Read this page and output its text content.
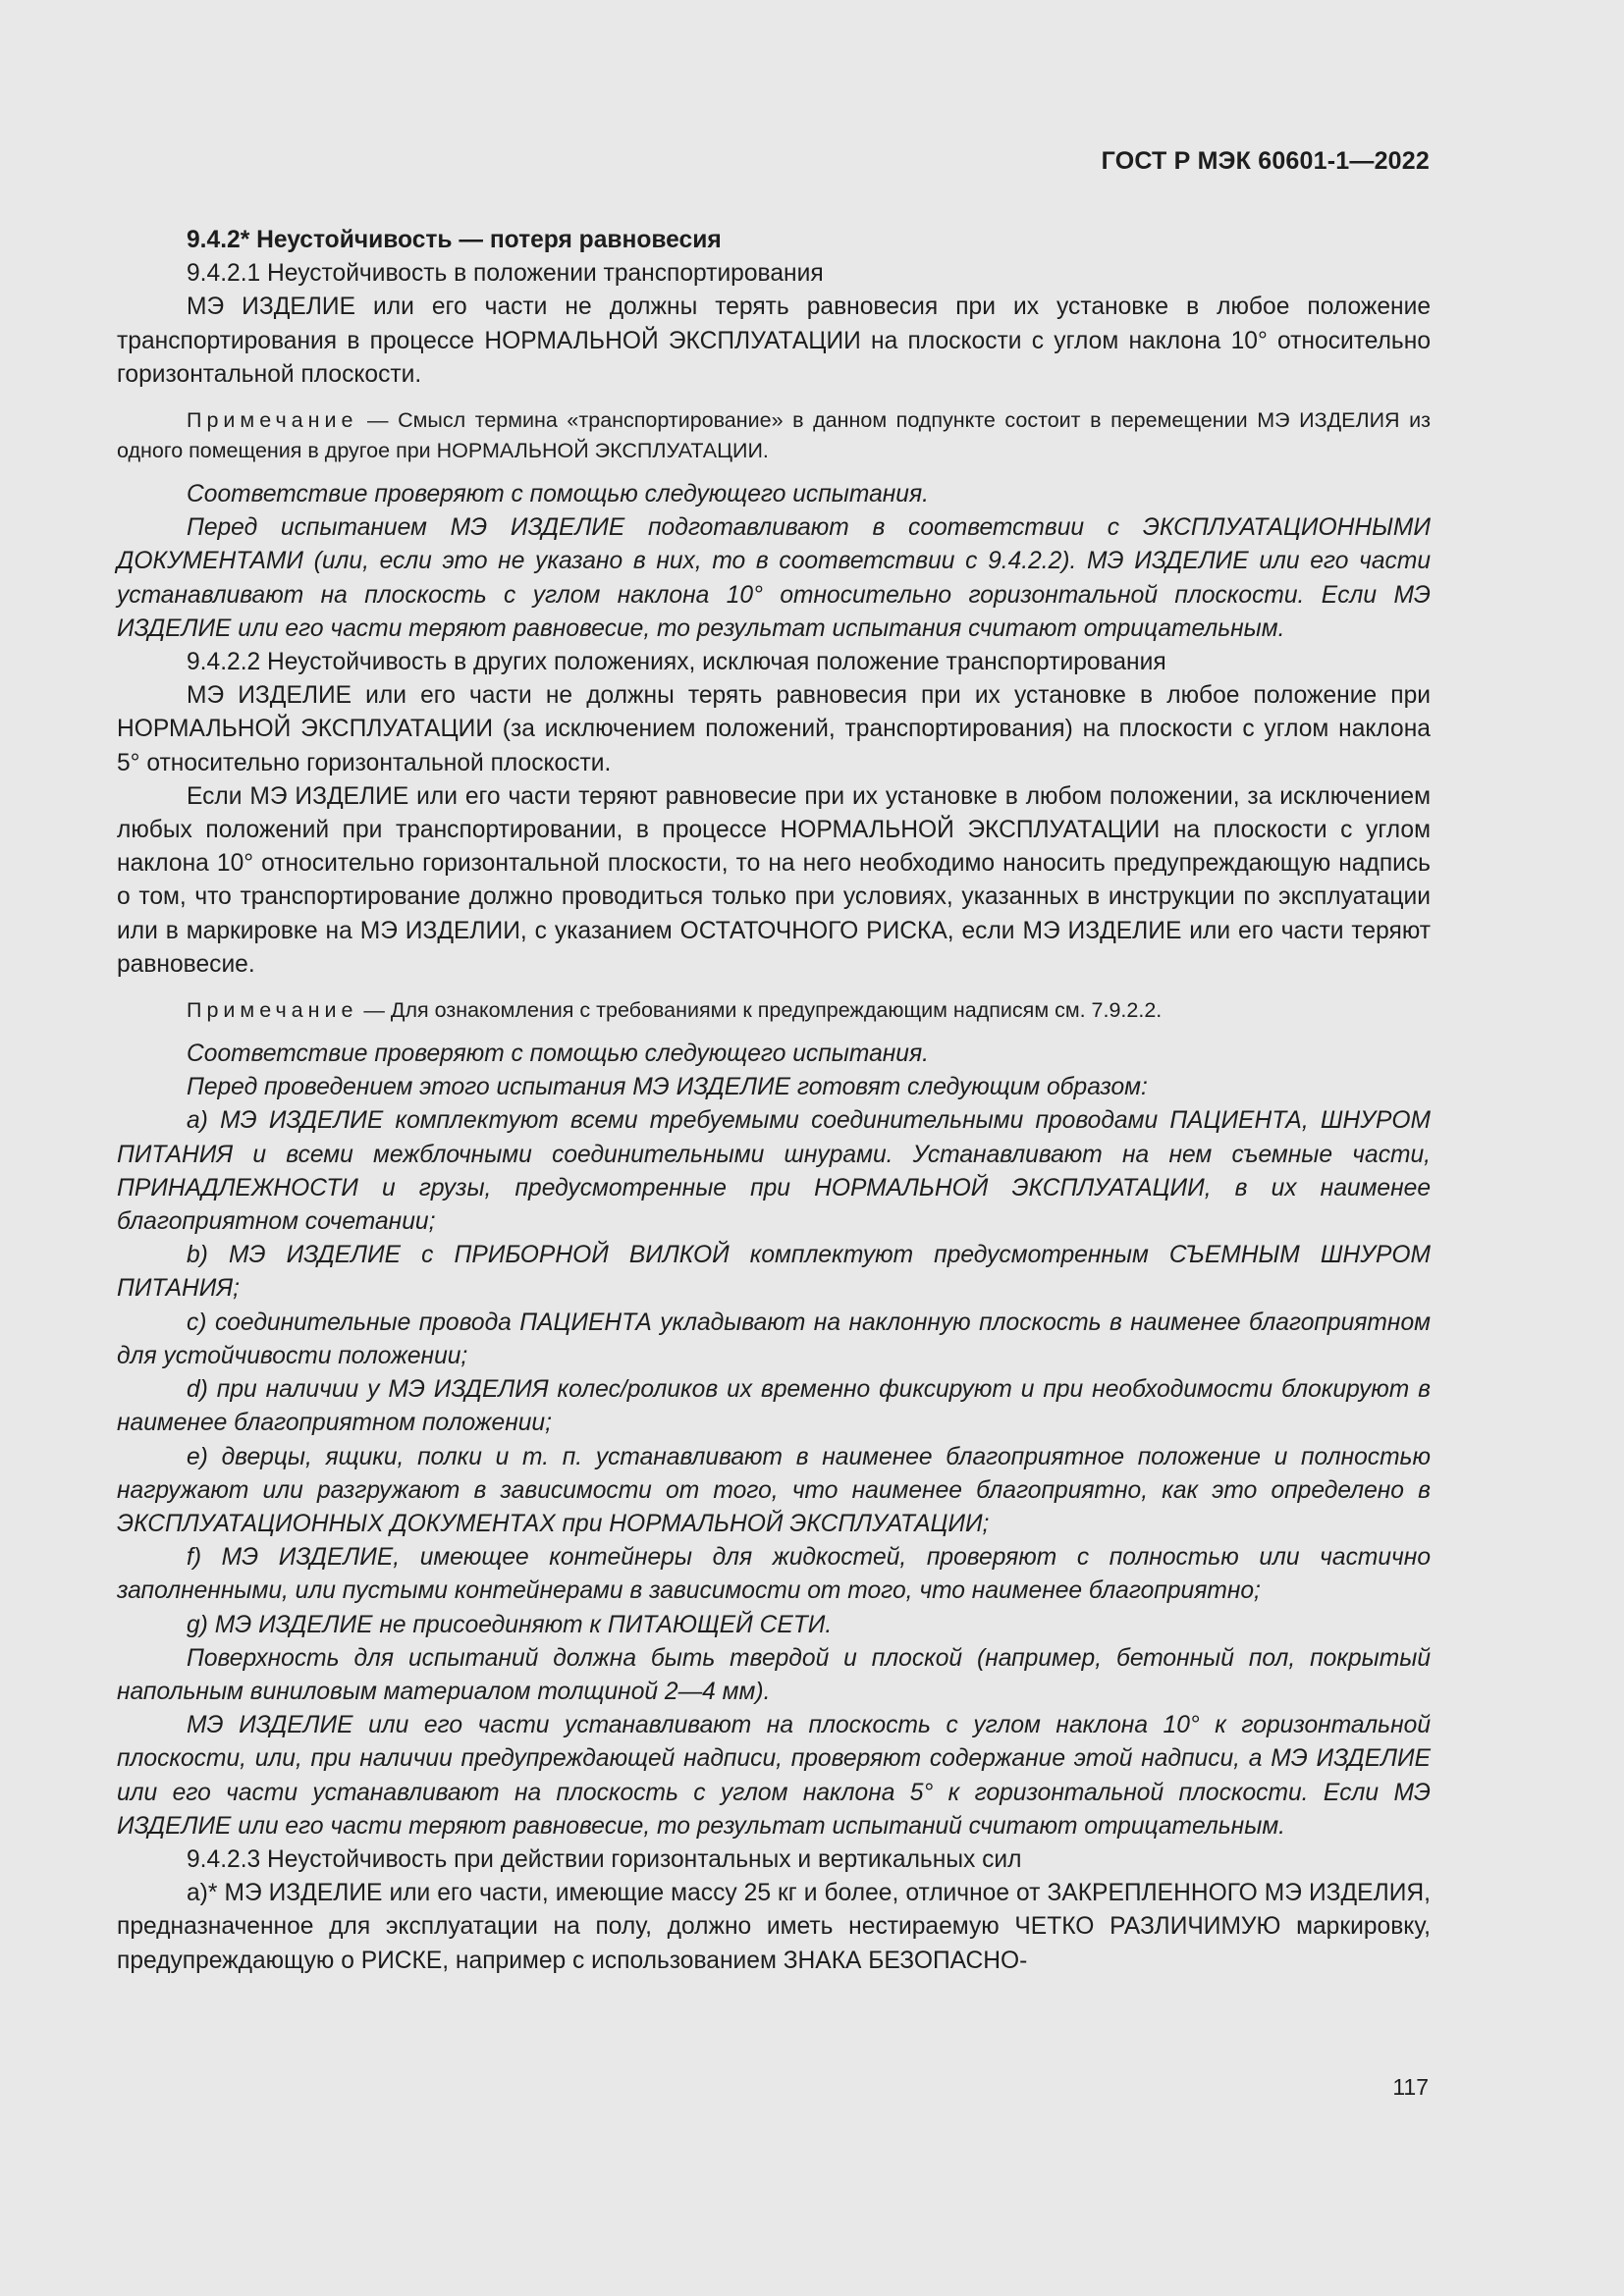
ГОСТ Р МЭК 60601-1—2022

9.4.2* Неустойчивость — потеря равновесия

9.4.2.1 Неустойчивость в положении транспортирования

МЭ ИЗДЕЛИЕ или его части не должны терять равновесия при их установке в любое положение транспортирования в процессе НОРМАЛЬНОЙ ЭКСПЛУАТАЦИИ на плоскости с углом наклона 10° относительно горизонтальной плоскости.

Примечание — Смысл термина «транспортирование» в данном подпункте состоит в перемещении МЭ ИЗДЕЛИЯ из одного помещения в другое при НОРМАЛЬНОЙ ЭКСПЛУАТАЦИИ.

Соответствие проверяют с помощью следующего испытания.

Перед испытанием МЭ ИЗДЕЛИЕ подготавливают в соответствии с ЭКСПЛУАТАЦИОННЫМИ ДОКУМЕНТАМИ (или, если это не указано в них, то в соответствии с 9.4.2.2). МЭ ИЗДЕЛИЕ или его части устанавливают на плоскость с углом наклона 10° относительно горизонтальной плоскости. Если МЭ ИЗДЕЛИЕ или его части теряют равновесие, то результат испытания считают отрицательным.

9.4.2.2 Неустойчивость в других положениях, исключая положение транспортирования

МЭ ИЗДЕЛИЕ или его части не должны терять равновесия при их установке в любое положение при НОРМАЛЬНОЙ ЭКСПЛУАТАЦИИ (за исключением положений, транспортирования) на плоскости с углом наклона 5° относительно горизонтальной плоскости.

Если МЭ ИЗДЕЛИЕ или его части теряют равновесие при их установке в любом положении, за исключением любых положений при транспортировании, в процессе НОРМАЛЬНОЙ ЭКСПЛУАТАЦИИ на плоскости с углом наклона 10° относительно горизонтальной плоскости, то на него необходимо наносить предупреждающую надпись о том, что транспортирование должно проводиться только при условиях, указанных в инструкции по эксплуатации или в маркировке на МЭ ИЗДЕЛИИ, с указанием ОСТАТОЧНОГО РИСКА, если МЭ ИЗДЕЛИЕ или его части теряют равновесие.

Примечание — Для ознакомления с требованиями к предупреждающим надписям см. 7.9.2.2.

Соответствие проверяют с помощью следующего испытания.

Перед проведением этого испытания МЭ ИЗДЕЛИЕ готовят следующим образом:

a) МЭ ИЗДЕЛИЕ комплектуют всеми требуемыми соединительными проводами ПАЦИЕНТА, ШНУРОМ ПИТАНИЯ и всеми межблочными соединительными шнурами. Устанавливают на нем съемные части, ПРИНАДЛЕЖНОСТИ и грузы, предусмотренные при НОРМАЛЬНОЙ ЭКСПЛУАТАЦИИ, в их наименее благоприятном сочетании;

b) МЭ ИЗДЕЛИЕ с ПРИБОРНОЙ ВИЛКОЙ комплектуют предусмотренным СЪЕМНЫМ ШНУРОМ ПИТАНИЯ;

c) соединительные провода ПАЦИЕНТА укладывают на наклонную плоскость в наименее благоприятном для устойчивости положении;

d) при наличии у МЭ ИЗДЕЛИЯ колес/роликов их временно фиксируют и при необходимости блокируют в наименее благоприятном положении;

e) дверцы, ящики, полки и т. п. устанавливают в наименее благоприятное положение и полностью нагружают или разгружают в зависимости от того, что наименее благоприятно, как это определено в ЭКСПЛУАТАЦИОННЫХ ДОКУМЕНТАХ при НОРМАЛЬНОЙ ЭКСПЛУАТАЦИИ;

f) МЭ ИЗДЕЛИЕ, имеющее контейнеры для жидкостей, проверяют с полностью или частично заполненными, или пустыми контейнерами в зависимости от того, что наименее благоприятно;

g) МЭ ИЗДЕЛИЕ не присоединяют к ПИТАЮЩЕЙ СЕТИ.

Поверхность для испытаний должна быть твердой и плоской (например, бетонный пол, покрытый напольным виниловым материалом толщиной 2—4 мм).

МЭ ИЗДЕЛИЕ или его части устанавливают на плоскость с углом наклона 10° к горизонтальной плоскости, или, при наличии предупреждающей надписи, проверяют содержание этой надписи, а МЭ ИЗДЕЛИЕ или его части устанавливают на плоскость с углом наклона 5° к горизонтальной плоскости. Если МЭ ИЗДЕЛИЕ или его части теряют равновесие, то результат испытаний считают отрицательным.

9.4.2.3 Неустойчивость при действии горизонтальных и вертикальных сил

а)* МЭ ИЗДЕЛИЕ или его части, имеющие массу 25 кг и более, отличное от ЗАКРЕПЛЕННОГО МЭ ИЗДЕЛИЯ, предназначенное для эксплуатации на полу, должно иметь нестираемую ЧЕТКО РАЗЛИЧИМУЮ маркировку, предупреждающую о РИСКЕ, например с использованием ЗНАКА БЕЗОПАСНО-

117
